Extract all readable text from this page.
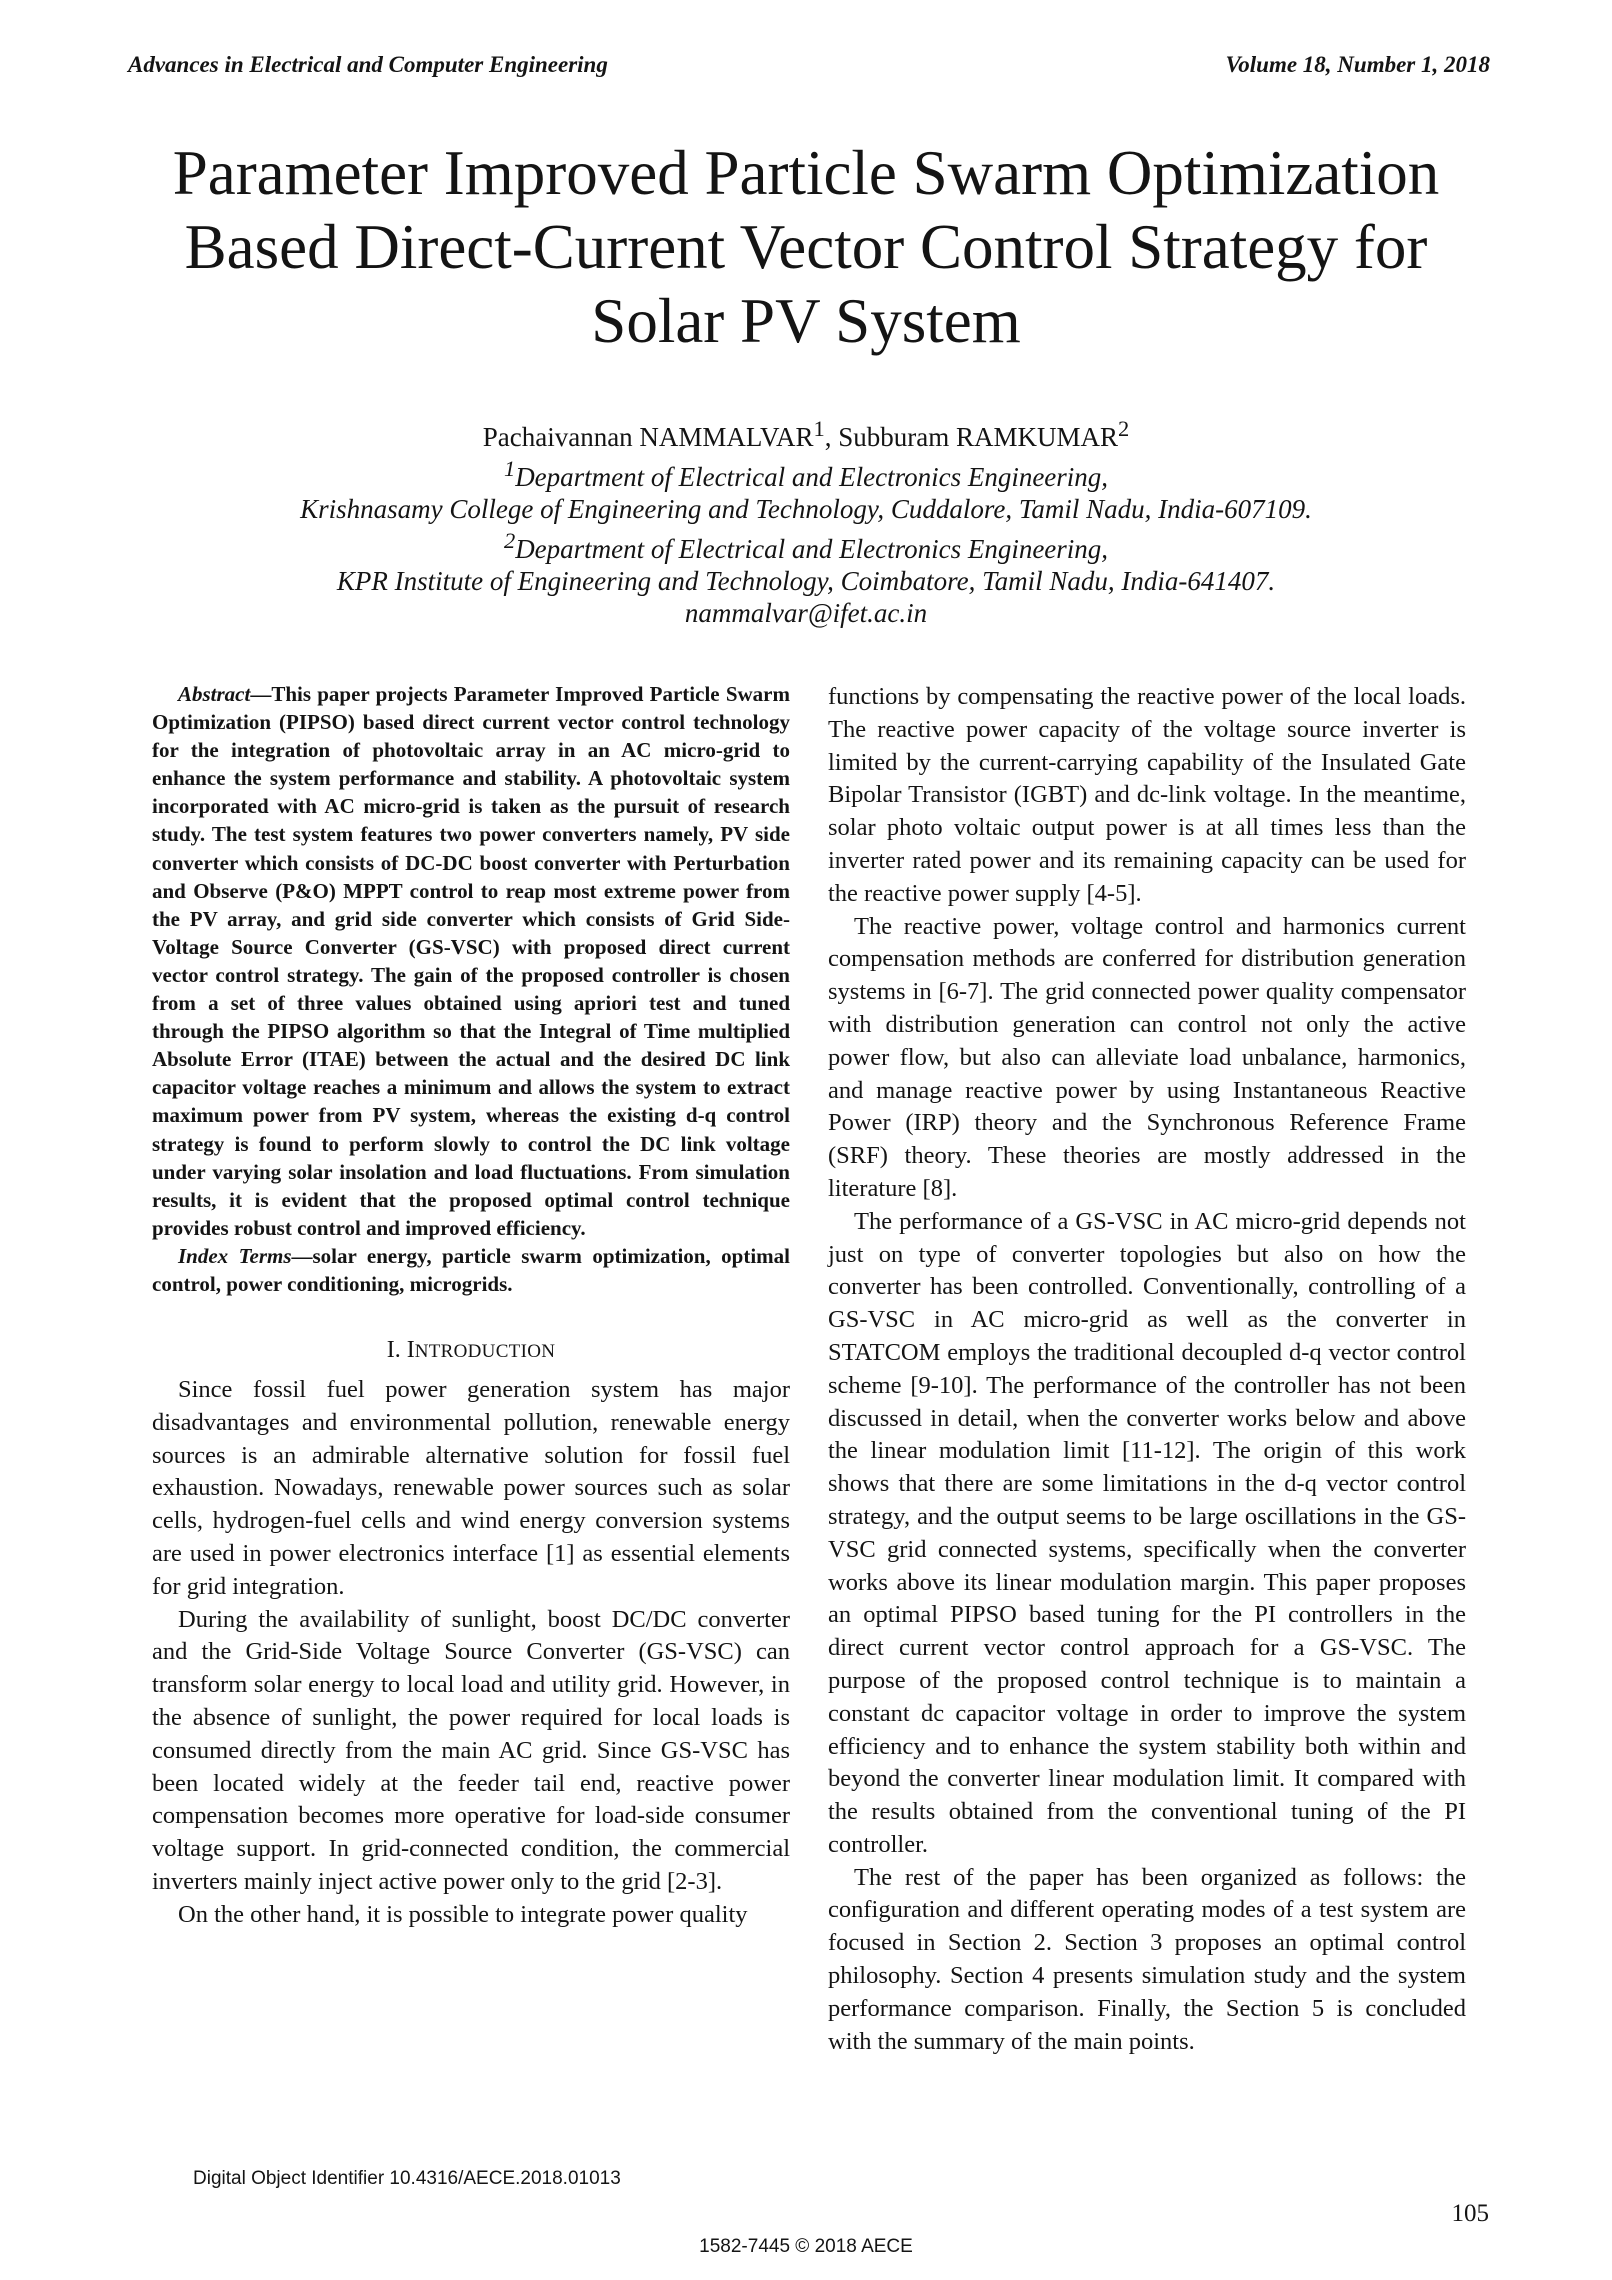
Advances in Electrical and Computer Engineering	Volume 18, Number 1, 2018
Parameter Improved Particle Swarm Optimization
Based Direct-Current Vector Control Strategy for
Solar PV System
Pachaivannan NAMMALVAR$^1$, Subburam RAMKUMAR$^2$
$^1$Department of Electrical and Electronics Engineering,
Krishnasamy College of Engineering and Technology, Cuddalore, Tamil Nadu, India-607109.
$^2$Department of Electrical and Electronics Engineering,
KPR Institute of Engineering and Technology, Coimbatore, Tamil Nadu, India-641407.
nammalvar@ifet.ac.in

Abstract—This paper projects Parameter Improved Particle Swarm Optimization (PIPSO) based direct current vector control technology for the integration of photovoltaic array in an AC micro-grid to enhance the system performance and stability. A photovoltaic system incorporated with AC micro-grid is taken as the pursuit of research study. The test system features two power converters namely, PV side converter which consists of DC-DC boost converter with Perturbation and Observe (P&O) MPPT control to reap most extreme power from the PV array, and grid side converter which consists of Grid Side-Voltage Source Converter (GS-VSC) with proposed direct current vector control strategy. The gain of the proposed controller is chosen from a set of three values obtained using apriori test and tuned through the PIPSO algorithm so that the Integral of Time multiplied Absolute Error (ITAE) between the actual and the desired DC link capacitor voltage reaches a minimum and allows the system to extract maximum power from PV system, whereas the existing d-q control strategy is found to perform slowly to control the DC link voltage under varying solar insolation and load fluctuations. From simulation results, it is evident that the proposed optimal control technique provides robust control and improved efficiency.

Index Terms—solar energy, particle swarm optimization, optimal control, power conditioning, microgrids.

I. INTRODUCTION

Since fossil fuel power generation system has major disadvantages and environmental pollution, renewable energy sources is an admirable alternative solution for fossil fuel exhaustion. Nowadays, renewable power sources such as solar cells, hydrogen-fuel cells and wind energy conversion systems are used in power electronics interface [1] as essential elements for grid integration.

During the availability of sunlight, boost DC/DC converter and the Grid-Side Voltage Source Converter (GS-VSC) can transform solar energy to local load and utility grid. However, in the absence of sunlight, the power required for local loads is consumed directly from the main AC grid. Since GS-VSC has been located widely at the feeder tail end, reactive power compensation becomes more operative for load-side consumer voltage support. In grid-connected condition, the commercial inverters mainly inject active power only to the grid [2-3].

On the other hand, it is possible to integrate power quality

functions by compensating the reactive power of the local loads. The reactive power capacity of the voltage source inverter is limited by the current-carrying capability of the Insulated Gate Bipolar Transistor (IGBT) and dc-link voltage. In the meantime, solar photo voltaic output power is at all times less than the inverter rated power and its remaining capacity can be used for the reactive power supply [4-5].

The reactive power, voltage control and harmonics current compensation methods are conferred for distribution generation systems in [6-7]. The grid connected power quality compensator with distribution generation can control not only the active power flow, but also can alleviate load unbalance, harmonics, and manage reactive power by using Instantaneous Reactive Power (IRP) theory and the Synchronous Reference Frame (SRF) theory. These theories are mostly addressed in the literature [8].

The performance of a GS-VSC in AC micro-grid depends not just on type of converter topologies but also on how the converter has been controlled. Conventionally, controlling of a GS-VSC in AC micro-grid as well as the converter in STATCOM employs the traditional decoupled d-q vector control scheme [9-10]. The performance of the controller has not been discussed in detail, when the converter works below and above the linear modulation limit [11-12]. The origin of this work shows that there are some limitations in the d-q vector control strategy, and the output seems to be large oscillations in the GS-VSC grid connected systems, specifically when the converter works above its linear modulation margin. This paper proposes an optimal PIPSO based tuning for the PI controllers in the direct current vector control approach for a GS-VSC. The purpose of the proposed control technique is to maintain a constant dc capacitor voltage in order to improve the system efficiency and to enhance the system stability both within and beyond the converter linear modulation limit. It compared with the results obtained from the conventional tuning of the PI controller.

The rest of the paper has been organized as follows: the configuration and different operating modes of a test system are focused in Section 2. Section 3 proposes an optimal control philosophy. Section 4 presents simulation study and the system performance comparison. Finally, the Section 5 is concluded with the summary of the main points.

Digital Object Identifier 10.4316/AECE.2018.01013
105
1582-7445 © 2018 AECE
